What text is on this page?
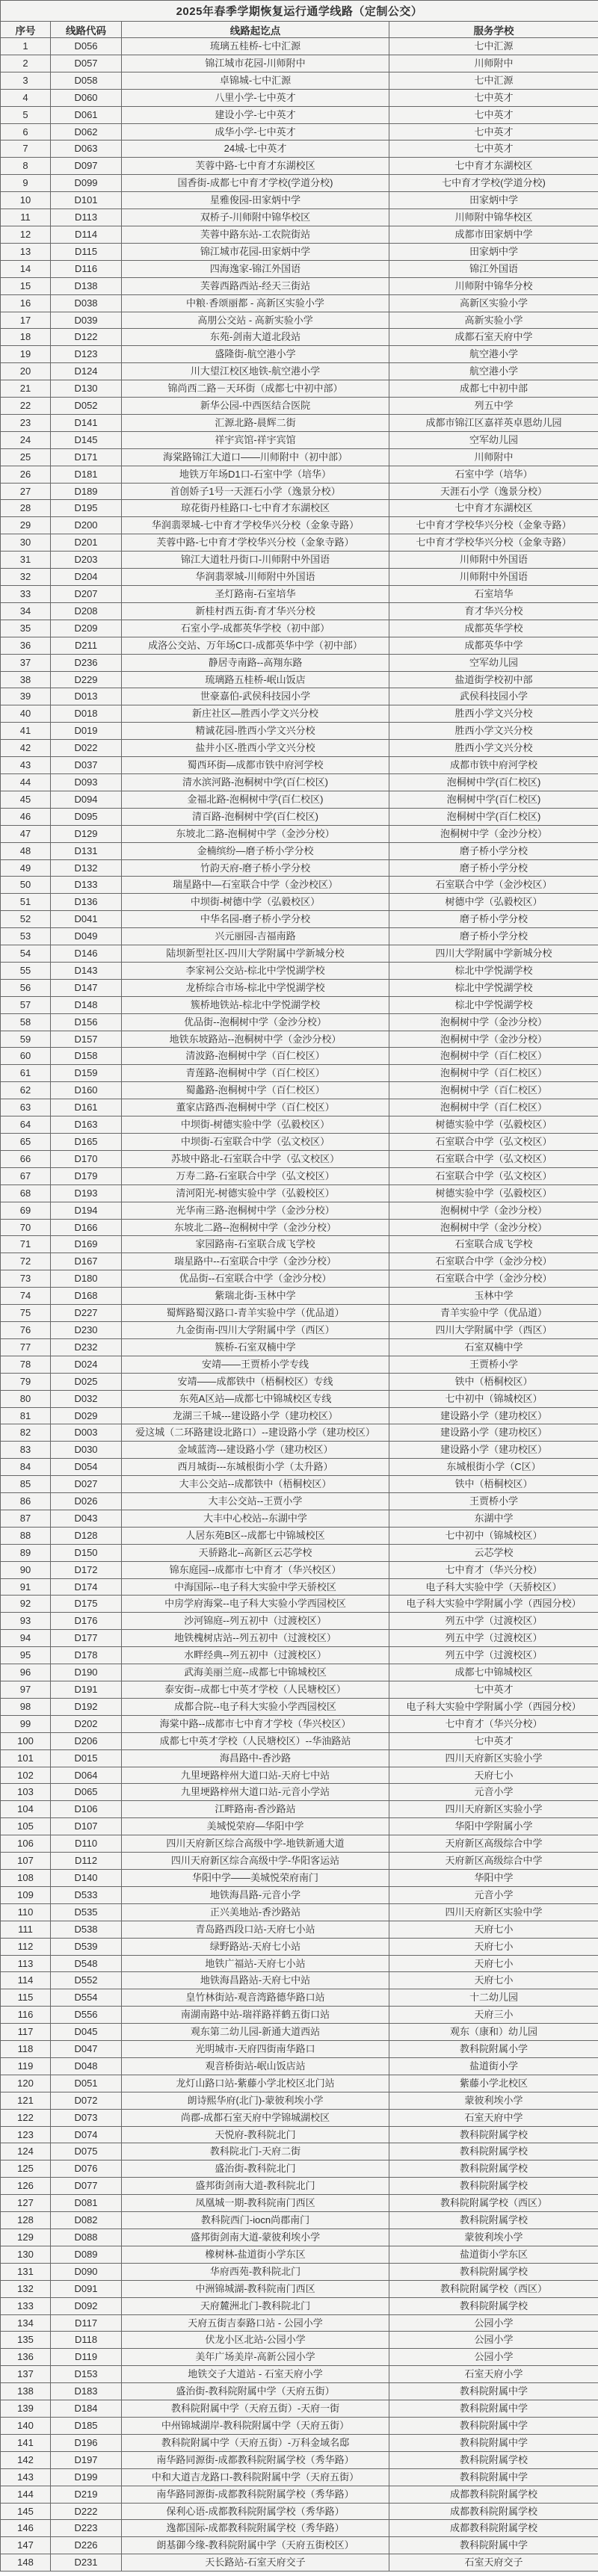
2025年春季学期恢复运行通学线路（定制公交）			
序号	线路代码	线路起讫点	服务学校
1	D056	琉璃五桂桥-七中汇源	七中汇源
2	D057	锦江城市花园-川师附中	川师附中
3	D058	卓锦城-七中汇源	七中汇源
4	D060	八里小学-七中英才	七中英才
5	D061	建设小学-七中英才	七中英才
6	D062	成华小学-七中英才	七中英才
7	D063	24城-七中英才	七中英才
8	D097	芙蓉中路-七中育才东湖校区	七中育才东湖校区
9	D099	国香街-成都七中育才学校(学道分校)	七中育才学校(学道分校)
10	D101	星雅俊园-田家炳中学	田家炳中学
11	D113	双桥子-川师附中锦华校区	川师附中锦华校区
12	D114	芙蓉中路东站-工农院街站	成都市田家炳中学
13	D115	锦江城市花园-田家炳中学	田家炳中学
14	D116	四海逸家-锦江外国语	锦江外国语
15	D138	芙蓉西路西站-经天三街站	川师附中锦华分校
16	D038	中粮·香颂丽都 - 高新区实验小学	高新区实验小学
17	D039	高朋公交站 - 高新实验小学	高新实验小学
18	D122	东苑-剑南大道北段站	成都石室天府中学
19	D123	盛隆街-航空港小学	航空港小学
20	D124	川大望江校区地铁-航空港小学	航空港小学
21	D130	锦尚西二路－天环街（成都七中初中部）	成都七中初中部
22	D052	新华公园-中西医结合医院	列五中学
23	D141	汇源北路-晨辉二街	成都市锦江区嘉祥英卓恩幼儿园
24	D145	祥宇宾馆-祥宇宾馆	空军幼儿园
25	D171	海棠路锦江大道口——川师附中（初中部）	川师附中
26	D181	地铁万年场D1口-石室中学（培华）	石室中学（培华）
27	D189	首创娇子1号一天涯石小学（逸景分校）	天涯石小学（逸景分校）
28	D195	琼花街丹桂路口-七中育才东湖校区	七中育才东湖校区
29	D200	华润翡翠城-七中育才学校华兴分校（金象寺路）	七中育才学校华兴分校（金象寺路）
30	D201	芙蓉中路-七中育才学校华兴分校（金象寺路）	七中育才学校华兴分校（金象寺路）
31	D203	锦江大道牡丹街口-川师附中外国语	川师附中外国语
32	D204	华润翡翠城-川师附中外国语	川师附中外国语
33	D207	圣灯路南-石室培华	石室培华
34	D208	新桂村西五街-育才华兴分校	育才华兴分校
35	D209	石室小学-成都英华学校（初中部）	成都英华学校
36	D211	成洛公交站、万年场C口-成都英华中学（初中部）	成都英华中学
37	D236	静居寺南路--高翔东路	空军幼儿园
38	D229	琉璃路五桂桥-岷山饭店	盐道街学校初中部
39	D013	世豪嘉伯-武侯科技园小学	武侯科技园小学
40	D018	新庄社区—胜西小学文兴分校	胜西小学文兴分校
41	D019	精诚花园-胜西小学文兴分校	胜西小学文兴分校
42	D022	盐井小区-胜西小学文兴分校	胜西小学文兴分校
43	D037	蜀西环街—成都市铁中府河学校	成都市铁中府河学校
44	D093	清水滨河路-泡桐树中学(百仁校区)	泡桐树中学(百仁校区)
45	D094	金福北路-泡桐树中学(百仁校区)	泡桐树中学(百仁校区)
46	D095	清百路-泡桐树中学(百仁校区)	泡桐树中学(百仁校区)
47	D129	东坡北二路-泡桐树中学（金沙分校）	泡桐树中学（金沙分校）
48	D131	金楠缤纷—磨子桥小学分校	磨子桥小学分校
49	D132	竹韵天府-磨子桥小学分校	磨子桥小学分校
50	D133	瑞星路中—石室联合中学（金沙校区）	石室联合中学（金沙校区）
51	D136	中坝街-树德中学（弘毅校区）	树德中学（弘毅校区）
52	D041	中华名园-磨子桥小学分校	磨子桥小学分校
53	D049	兴元丽园-吉福南路	磨子桥小学分校
54	D146	陆坝新型社区-四川大学附属中学新城分校	四川大学附属中学新城分校
55	D143	李家祠公交站-棕北中学悦湖学校	棕北中学悦湖学校
56	D147	龙桥综合市场-棕北中学悦湖学校	棕北中学悦湖学校
57	D148	簇桥地铁站-棕北中学悦湖学校	棕北中学悦湖学校
58	D156	优品街--泡桐树中学（金沙分校）	泡桐树中学（金沙分校）
59	D157	地铁东坡路站--泡桐树中学（金沙分校）	泡桐树中学（金沙分校）
60	D158	清波路-泡桐树中学（百仁校区）	泡桐树中学（百仁校区）
61	D159	青莲路-泡桐树中学（百仁校区）	泡桐树中学（百仁校区）
62	D160	蜀蠡路-泡桐树中学（百仁校区）	泡桐树中学（百仁校区）
63	D161	董家店路西-泡桐树中学（百仁校区）	泡桐树中学（百仁校区）
64	D163	中坝街-树德实验中学（弘毅校区）	树德实验中学（弘毅校区）
65	D165	中坝街-石室联合中学（弘文校区）	石室联合中学（弘文校区）
66	D170	苏坡中路北-石室联合中学（弘文校区）	石室联合中学（弘文校区）
67	D179	万寿二路-石室联合中学（弘文校区）	石室联合中学（弘文校区）
68	D193	清河阳光-树德实验中学（弘毅校区）	树德实验中学（弘毅校区）
69	D194	光华南三路-泡桐树中学（金沙分校）	泡桐树中学（金沙分校）
70	D166	东坡北二路--泡桐树中学（金沙分校）	泡桐树中学（金沙分校）
71	D169	家园路南-石室联合成飞学校	石室联合成飞学校
72	D167	瑞星路中--石室联合中学（金沙分校）	石室联合中学（金沙分校）
73	D180	优品街--石室联合中学（金沙分校）	石室联合中学（金沙分校）
74	D168	紫瑞北街-玉林中学	玉林中学
75	D227	蜀辉路蜀汉路口-青羊实验中学（优品道）	青羊实验中学（优品道）
76	D230	九金街南-四川大学附属中学（西区）	四川大学附属中学（西区）
77	D232	簇桥-石室双楠中学	石室双楠中学
78	D024	安靖——王贾桥小学专线	王贾桥小学
79	D025	安靖——成都铁中（梧桐校区）专线	铁中（梧桐校区）
80	D032	东苑A区站—成都七中锦城校区专线	七中初中（锦城校区）
81	D029	龙湖三千城---建设路小学（建功校区）	建设路小学（建功校区）
82	D003	爱这城（二环路建设北路口）--建设路小学（建功校区）	建设路小学（建功校区）
83	D030	金域蓝湾---建设路小学（建功校区）	建设路小学（建功校区）
84	D054	西月城街---东城根街小学（太升路）	东城根街小学（C区）
85	D027	大丰公交站--成都铁中（梧桐校区）	铁中（梧桐校区）
86	D026	大丰公交站--王贾小学	王贾桥小学
87	D043	大丰中心校站--东湖中学	东湖中学
88	D128	人居东苑B区--成都七中锦城校区	七中初中（锦城校区）
89	D150	天骄路北--高新区云芯学校	云芯学校
90	D172	锦东庭园--成都市七中育才（华兴校区）	七中育才（华兴分校）
91	D174	中海国际--电子科大实验中学天骄校区	电子科大实验中学（天骄校区）
92	D175	中房学府海棠--电子科大实验小学西园校区	电子科大实验中学附属小学（西园分校）
93	D176	沙河锦庭--列五初中（过渡校区）	列五中学（过渡校区）
94	D177	地铁槐树店站--列五初中（过渡校区）	列五中学（过渡校区）
95	D178	水畔经典--列五初中（过渡校区）	列五中学（过渡校区）
96	D190	武海美丽兰庭--成都七中锦城校区	成都七中锦城校区
97	D191	泰安街--成都七中英才学校（人民塘校区）	七中英才
98	D192	成都合院--电子科大实验小学西园校区	电子科大实验中学附属小学（西园分校）
99	D202	海棠中路--成都市七中育才学校（华兴校区）	七中育才（华兴分校）
100	D206	成都七中英才学校（人民塘校区）--华油路站	七中英才
101	D015	海昌路中-香沙路	四川天府新区实验小学
102	D064	九里埂路梓州大道口站-天府七中站	天府七小
103	D065	九里埂路梓州大道口站-元音小学站	元音小学
104	D106	江畔路南-香沙路站	四川天府新区实验小学
105	D107	美城悦荣府—华阳中学	华阳中学附属小学
106	D110	四川天府新区综合高级中学-地铁新通大道	天府新区高级综合中学
107	D112	四川天府新区综合高级中学-华阳客运站	天府新区高级综合中学
108	D140	华阳中学——美城悦荣府南门	华阳中学
109	D533	地铁海昌路-元音小学	元音小学
110	D535	正兴美地站-香沙路站	四川天府新区实验中学
111	D538	青岛路西段口站-天府七小站	天府七小
112	D539	绿野路站-天府七小站	天府七小
113	D548	地铁广福站-天府七小站	天府七小
114	D552	地铁海昌路站-天府七中站	天府七小
115	D554	皇竹林街站-观音湾路德华路口站	十二幼儿园
116	D556	南湖南路中站-瑞祥路祥鹤五街口站	天府三小
117	D045	观东第二幼儿园-新通大道西站	观东（康和）幼儿园
118	D047	光明城市-天府四街南华路口	教科院附属小学
119	D048	观音桥街站-岷山饭店站	盐道街小学
120	D051	龙灯山路口站-紫藤小学北校区北门站	紫藤小学北校区
121	D072	朗诗熙华府(北门)-蒙彼利埃小学	蒙彼利埃小学
122	D073	尚郡-成都石室天府中学锦城湖校区	石室天府中学
123	D074	天悦府-教科院北门	教科院附属学校
124	D075	教科院北门-天府二街	教科院附属学校
125	D076	盛治街-教科院北门	教科院附属学校
126	D077	盛邦街剑南大道-教科院北门	教科院附属学校
127	D081	凤凰城一期-教科院南门西区	教科院附属学校（西区）
128	D082	教科院西门-iocn尚郡南门	教科院附属学校
129	D088	盛邦街剑南大道-蒙彼利埃小学	蒙彼利埃小学
130	D089	橡树林-盐道街小学东区	盐道街小学东区
131	D090	华府西苑-教科院北门	教科院附属学校
132	D091	中洲锦城湖-教科院南门西区	教科院附属学校（西区）
133	D092	天府麓洲北门-教科院北门	教科院附属学校
134	D117	天府五街吉泰路口站 - 公园小学	公园小学
135	D118	伏龙小区北站-公园小学	公园小学
136	D119	美年广场美岸-高新公园小学	公园小学
137	D153	地铁交子大道站 - 石室天府小学	石室天府小学
138	D183	盛治街-教科院附属中学（天府五街）	教科院附属中学
139	D184	教科院附属中学（天府五街）-天府一街	教科院附属中学
140	D185	中州锦城湖岸-教科院附属中学（天府五街）	教科院附属中学
141	D196	教科院附属中学（天府五街）-万科金域名邸	教科院附属中学
142	D197	南华路同源街-成都教科院附属学校（秀华路）	教科院附属学校
143	D199	中和大道吉龙路口-教科院附属中学（天府五街）	教科院附属中学
144	D219	南华路同源街-成都教科院附属学校（秀华路）	成都教科院附属学校
145	D222	保利心语-成都教科院附属学校（秀华路）	成都教科院附属学校
146	D223	逸都国际-成都教科院附属学校（秀华路）	成都教科院附属学校
147	D226	朗基御今缘-教科院附属中学（天府五街校区）	教科院附属中学
148	D231	天长路站-石室天府交子	石室天府交子
